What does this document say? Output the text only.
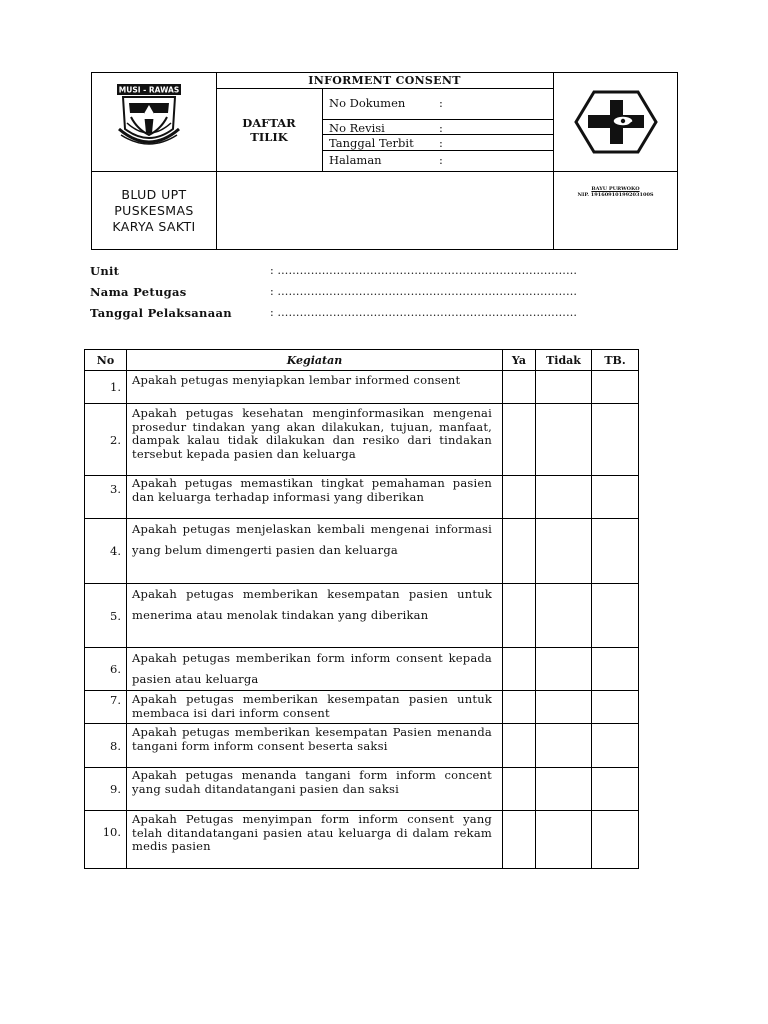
MUSI - RAWAS
INFORMENT CONSENT
DAFTAR
TILIK
No Dokumen	:
No Revisi	:
Tanggal Terbit :
Halaman	:
BLUD UPT
PUSKESMAS
KARYA SAKTI
BAYU PURWOKO
NIP. 19160910199203100S
Unit	: ………………………………………………………………………
Nama Petugas	: ………………………………………………………………………
Tanggal Pelaksanaan	: ………………………………………………………………………
No	Kegiatan	Ya	Tidak	TB.
1.	Apakah petugas menyiapkan lembar informed consent			
2.	Apakah petugas kesehatan menginformasikan mengenai prosedur tindakan yang akan dilakukan, tujuan, manfaat, dampak kalau tidak dilakukan dan resiko dari tindakan tersebut kepada pasien dan keluarga			
3.	Apakah petugas memastikan tingkat pemahaman pasien dan keluarga terhadap informasi yang diberikan			
4.	Apakah petugas menjelaskan kembali mengenai informasi yang belum dimengerti pasien dan keluarga			
5.	Apakah petugas memberikan kesempatan pasien untuk menerima atau menolak tindakan yang diberikan			
6.	Apakah petugas memberikan form inform consent kepada pasien atau keluarga			
7.	Apakah petugas memberikan kesempatan pasien untuk membaca isi dari inform consent			
8.	Apakah petugas memberikan kesempatan Pasien menanda tangani form inform consent beserta saksi			
9.	Apakah petugas menanda tangani form inform concent yang sudah ditandatangani pasien dan saksi			
10.	Apakah Petugas menyimpan form inform consent yang telah ditandatangani pasien atau keluarga di dalam rekam medis pasien			
